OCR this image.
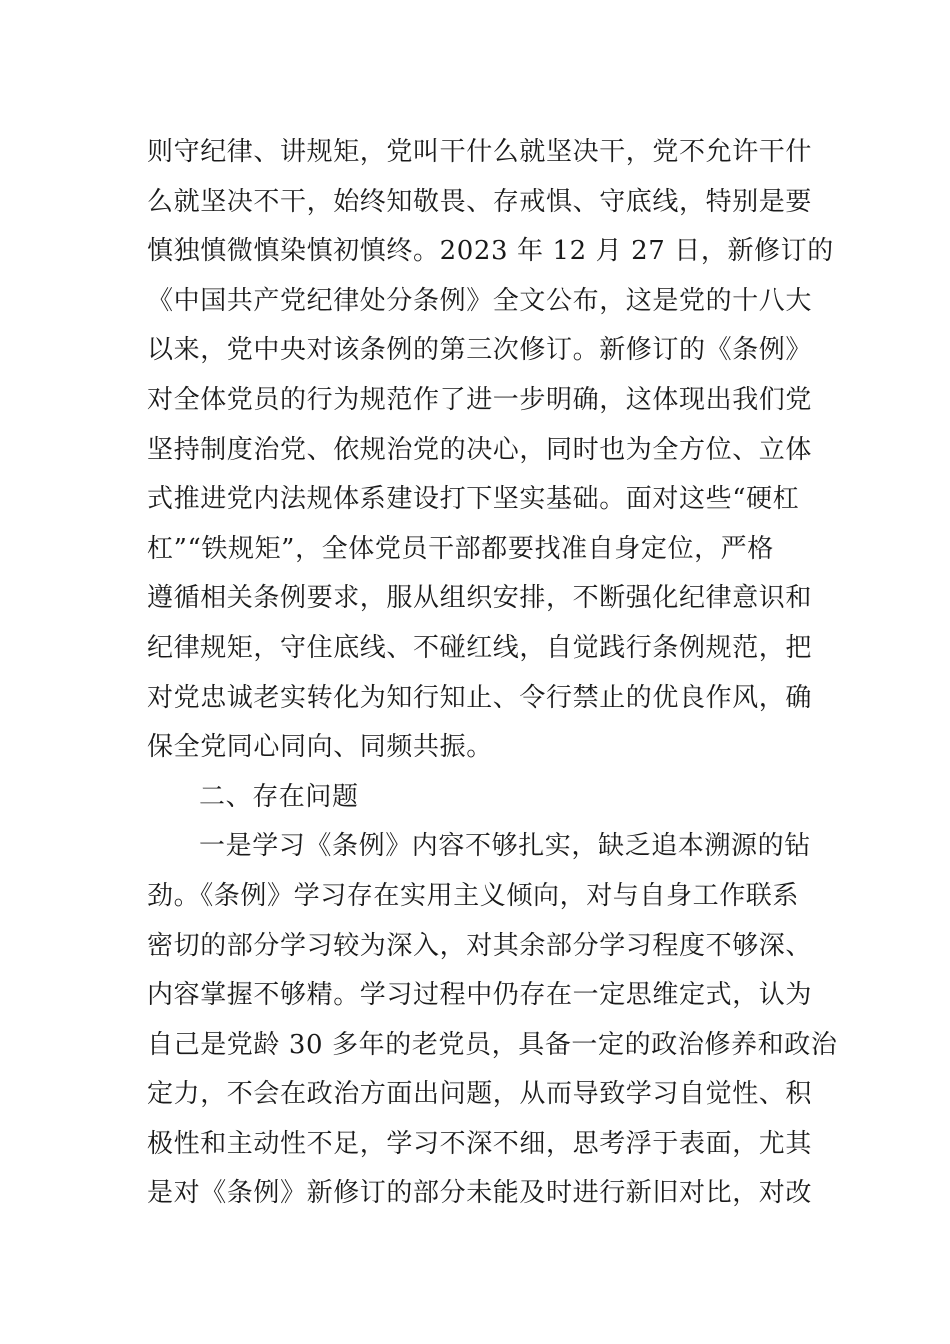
则守纪律、讲规矩，党叫干什么就坚决干，党不允许干什
么就坚决不干，始终知敬畏、存戒惧、守底线，特别是要
慎独慎微慎染慎初慎终。2023 年 12 月 27 日，新修订的
《中国共产党纪律处分条例》全文公布，这是党的十八大
以来，党中央对该条例的第三次修订。新修订的《条例》
对全体党员的行为规范作了进一步明确，这体现出我们党
坚持制度治党、依规治党的决心，同时也为全方位、立体
式推进党内法规体系建设打下坚实基础。面对这些“硬杠
杠”“铁规矩”，全体党员干部都要找准自身定位，严格
遵循相关条例要求，服从组织安排，不断强化纪律意识和
纪律规矩，守住底线、不碰红线，自觉践行条例规范，把
对党忠诚老实转化为知行知止、令行禁止的优良作风，确
保全党同心同向、同频共振。
二、存在问题
一是学习《条例》内容不够扎实，缺乏追本溯源的钻
劲。《条例》学习存在实用主义倾向，对与自身工作联系
密切的部分学习较为深入，对其余部分学习程度不够深、
内容掌握不够精。学习过程中仍存在一定思维定式，认为
自己是党龄 30 多年的老党员，具备一定的政治修养和政治
定力，不会在政治方面出问题，从而导致学习自觉性、积
极性和主动性不足，学习不深不细，思考浮于表面，尤其
是对《条例》新修订的部分未能及时进行新旧对比，对改
